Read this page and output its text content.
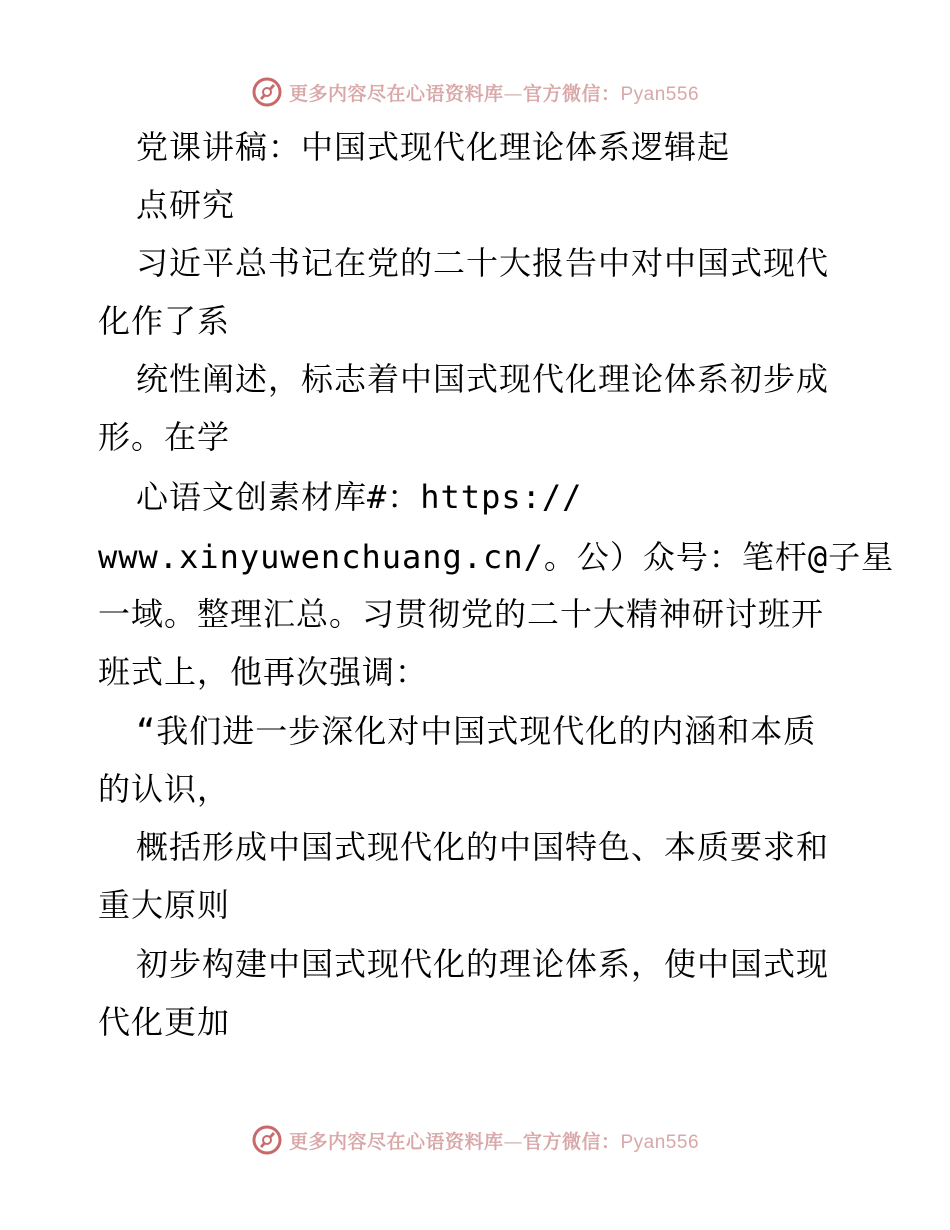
更多内容尽在心语资料库—官方微信：Pyan556

党课讲稿：中国式现代化理论体系逻辑起

点研究

习近平总书记在党的二十大报告中对中国式现代

化作了系

统性阐述，标志着中国式现代化理论体系初步成

形。在学

心语文创素材库#：https://

www.xinyuwenchuang.cn/。公）众号：笔杆@子星

一域。整理汇总。习贯彻党的二十大精神研讨班开

班式上，他再次强调：

“我们进一步深化对中国式现代化的内涵和本质

的认识，

概括形成中国式现代化的中国特色、本质要求和

重大原则

初步构建中国式现代化的理论体系，使中国式现

代化更加

更多内容尽在心语资料库—官方微信：Pyan556
